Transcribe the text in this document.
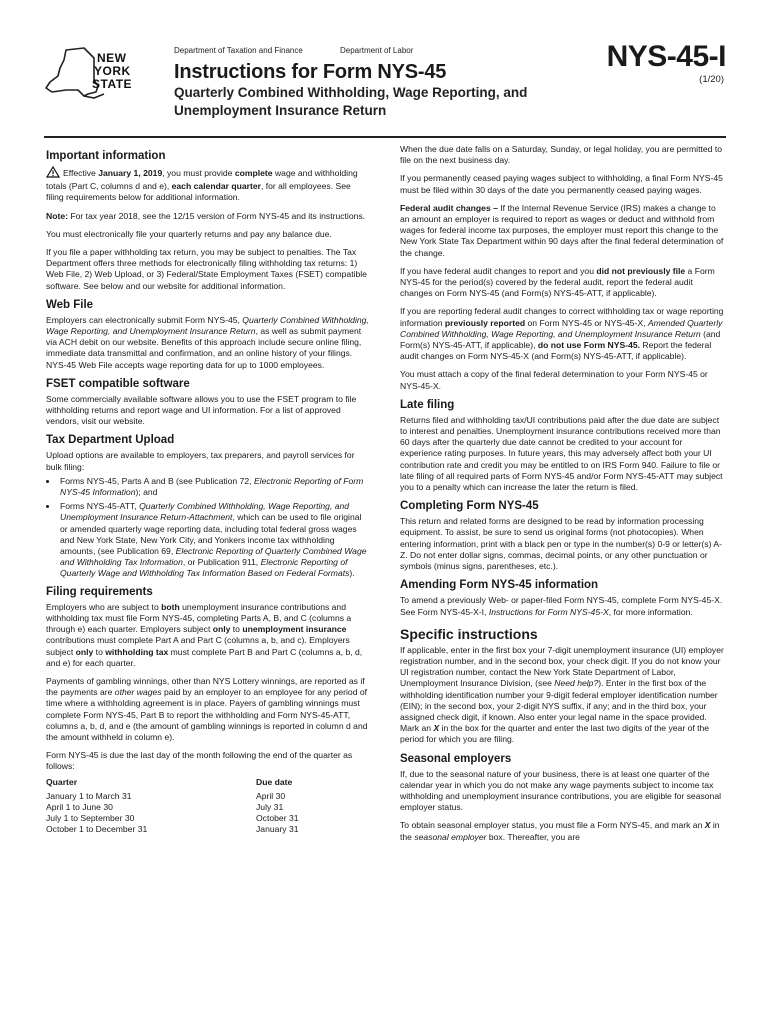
NEW
YORK
STATE
Department of Taxation and Finance	Department of Labor
Instructions for Form NYS-45
Quarterly Combined Withholding, Wage Reporting, and Unemployment Insurance Return
NYS-45-I
(1/20)
Important information

Effective January 1, 2019, you must provide complete wage and withholding totals (Part C, columns d and e), each calendar quarter, for all employees. See filing requirements below for additional information.

Note: For tax year 2018, see the 12/15 version of Form NYS-45 and its instructions.

You must electronically file your quarterly returns and pay any balance due.

If you file a paper withholding tax return, you may be subject to penalties. The Tax Department offers three methods for electronically filing withholding tax returns: 1) Web File, 2) Web Upload, or 3) Federal/State Employment Taxes (FSET) compatible software. See below and our website for additional information.

Web File

Employers can electronically submit Form NYS-45, Quarterly Combined Withholding, Wage Reporting, and Unemployment Insurance Return, as well as submit payment via ACH debit on our website. Benefits of this approach include secure online filing, immediate data transmittal and confirmation, and an online history of your filings. NYS-45 Web File accepts wage reporting data for up to 1000 employees.

FSET compatible software

Some commercially available software allows you to use the FSET program to file withholding returns and report wage and UI information. For a list of approved vendors, visit our website.

Tax Department Upload

Upload options are available to employers, tax preparers, and payroll services for bulk filing:

• Forms NYS-45, Parts A and B (see Publication 72, Electronic Reporting of Form NYS-45 Information); and
• Forms NYS-45-ATT, Quarterly Combined Withholding, Wage Reporting, and Unemployment Insurance Return-Attachment, which can be used to file original or amended quarterly wage reporting data, including total federal gross wages and New York State, New York City, and Yonkers income tax withholding amounts, (see Publication 69, Electronic Reporting of Quarterly Combined Wage and Withholding Tax Information, or Publication 911, Electronic Reporting of Quarterly Wage and Withholding Tax Information Based on Federal Formats).
Filing requirements

Employers who are subject to both unemployment insurance contributions and withholding tax must file Form NYS-45, completing Parts A, B, and C (columns a through e) each quarter. Employers subject only to unemployment insurance contributions must complete Part A and Part C (columns a, b, and c). Employers subject only to withholding tax must complete Part B and Part C (columns a, b, d, and e) for each quarter.

Payments of gambling winnings, other than NYS Lottery winnings, are reported as if the payments are other wages paid by an employer to an employee for any period of time where a withholding agreement is in place. Payers of gambling winnings must complete Form NYS-45, Part B to report the withholding and Form NYS-45-ATT, columns a, b, d, and e (the amount of gambling winnings is reported in column d and the amount withheld in column e).

Form NYS-45 is due the last day of the month following the end of the quarter as follows:

Quarter	Due date
January 1 to March 31	April 30
April 1 to June 30	July 31
July 1 to September 30	October 31
October 1 to December 31	January 31

When the due date falls on a Saturday, Sunday, or legal holiday, you are permitted to file on the next business day.

If you permanently ceased paying wages subject to withholding, a final Form NYS-45 must be filed within 30 days of the date you permanently ceased paying wages.

Federal audit changes – If the Internal Revenue Service (IRS) makes a change to an amount an employer is required to report as wages or deduct and withhold from wages for federal income tax purposes, the employer must report this change to the New York State Tax Department within 90 days after the final federal determination of the change.

If you have federal audit changes to report and you did not previously file a Form NYS-45 for the period(s) covered by the federal audit, report the federal audit changes on Form NYS-45 (and Form(s) NYS-45-ATT, if applicable).

If you are reporting federal audit changes to correct withholding tax or wage reporting information previously reported on Form NYS-45 or NYS-45-X, Amended Quarterly Combined Withholding, Wage Reporting, and Unemployment Insurance Return (and Form(s) NYS-45-ATT, if applicable), do not use Form NYS-45. Report the federal audit changes on Form NYS-45-X (and Form(s) NYS-45-ATT, if applicable).

You must attach a copy of the final federal determination to your Form NYS-45 or NYS-45-X.

Late filing

Returns filed and withholding tax/UI contributions paid after the due date are subject to interest and penalties. Unemployment insurance contributions received more than 60 days after the quarterly due date cannot be credited to your account for experience rating purposes. In future years, this may adversely affect both your UI contribution rate and credit you may be entitled to on IRS Form 940. Failure to file or late filing of all required parts of Form NYS-45 and/or Form NYS-45-ATT may subject you to a penalty which can increase the later the return is filed.

Completing Form NYS-45

This return and related forms are designed to be read by information processing equipment. To assist, be sure to send us original forms (not photocopies). When entering information, print with a black pen or type in the number(s) 0-9 or letter(s) A-Z. Do not enter dollar signs, commas, decimal points, or any other punctuation or symbols (minus signs, parentheses, etc.).

Amending Form NYS-45 information

To amend a previously Web- or paper-filed Form NYS-45, complete Form NYS-45-X. See Form NYS-45-X-I, Instructions for Form NYS-45-X, for more information.

Specific instructions

If applicable, enter in the first box your 7-digit unemployment insurance (UI) employer registration number, and in the second box, your check digit. If you do not know your UI registration number, contact the New York State Department of Labor, Unemployment Insurance Division, (see Need help?). Enter in the first box of the withholding identification number your 9-digit federal employer identification number (EIN); in the second box, your 2-digit NYS suffix, if any; and in the third box, your assigned check digit, if known. Also enter your legal name in the space provided. Mark an X in the box for the quarter and enter the last two digits of the year of the period for which you are filing.

Seasonal employers

If, due to the seasonal nature of your business, there is at least one quarter of the calendar year in which you do not make any wage payments subject to income tax withholding and unemployment insurance contributions, you are eligible for seasonal employer status.

To obtain seasonal employer status, you must file a Form NYS-45, and mark an X in the seasonal employer box. Thereafter, you are
